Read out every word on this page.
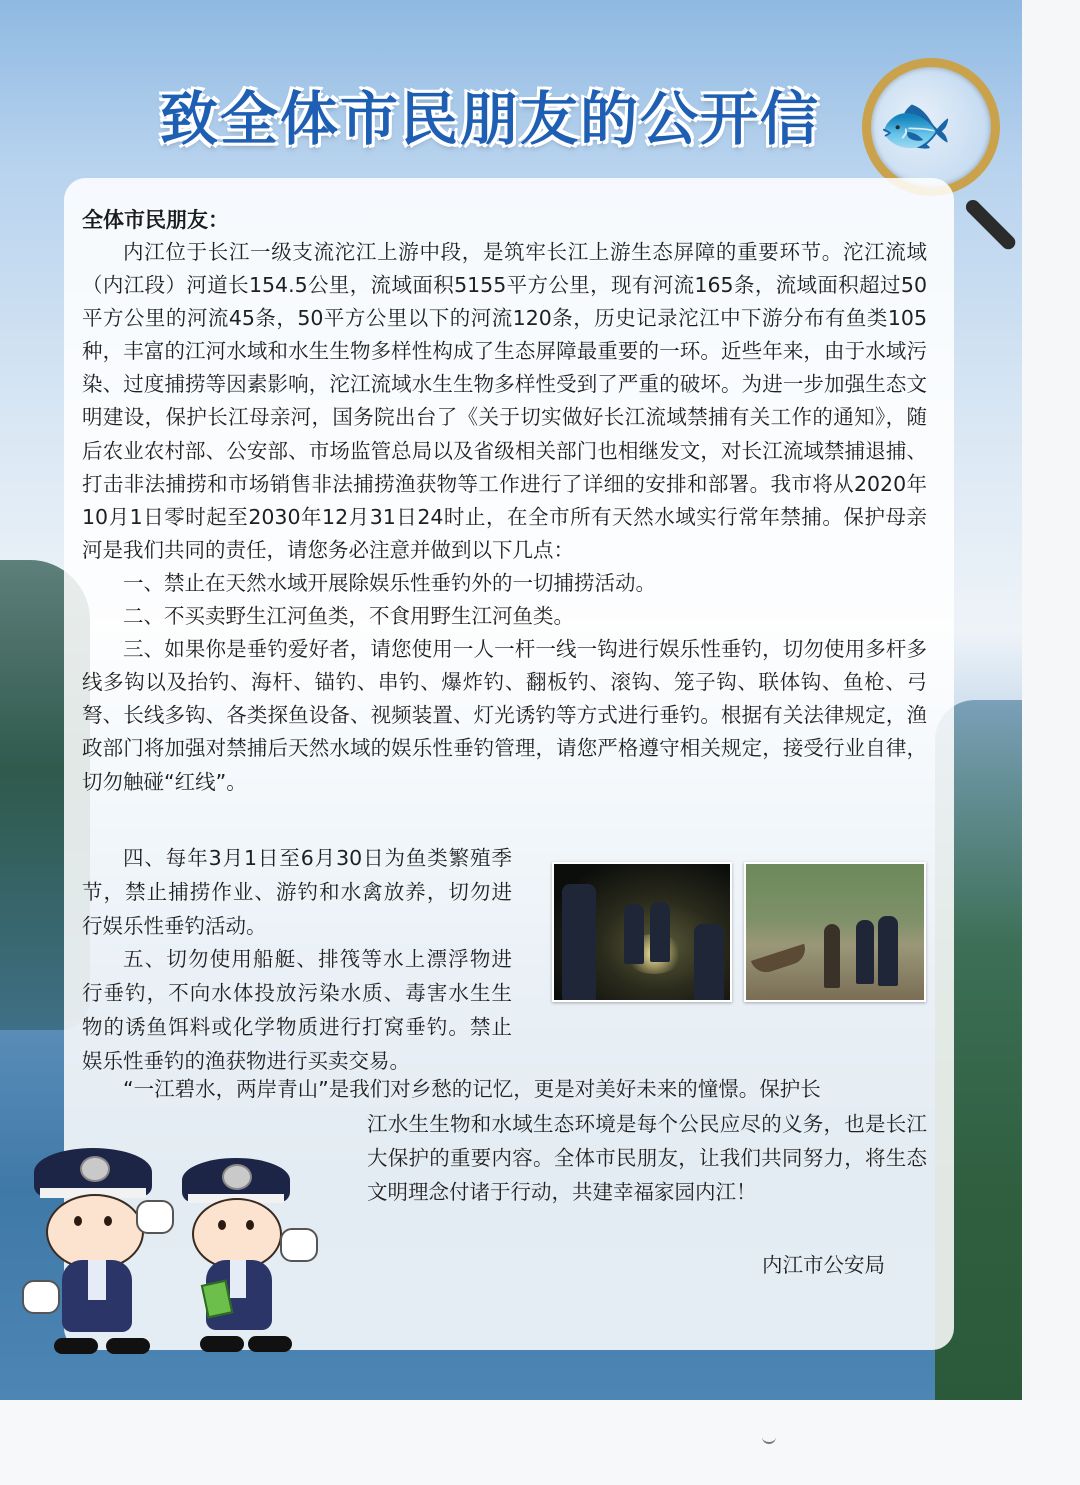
致全体市民朋友的公开信 🐟
全体市民朋友：

内江位于长江一级支流沱江上游中段，是筑牢长江上游生态屏障的重要环节。沱江流域（内江段）河道长154.5公里，流域面积5155平方公里，现有河流165条，流域面积超过50平方公里的河流45条，50平方公里以下的河流120条，历史记录沱江中下游分布有鱼类105种，丰富的江河水域和水生生物多样性构成了生态屏障最重要的一环。近些年来，由于水域污染、过度捕捞等因素影响，沱江流域水生生物多样性受到了严重的破坏。为进一步加强生态文明建设，保护长江母亲河，国务院出台了《关于切实做好长江流域禁捕有关工作的通知》，随后农业农村部、公安部、市场监管总局以及省级相关部门也相继发文，对长江流域禁捕退捕、打击非法捕捞和市场销售非法捕捞渔获物等工作进行了详细的安排和部署。我市将从2020年10月1日零时起至2030年12月31日24时止，在全市所有天然水域实行常年禁捕。保护母亲河是我们共同的责任，请您务必注意并做到以下几点：

一、禁止在天然水域开展除娱乐性垂钓外的一切捕捞活动。

二、不买卖野生江河鱼类，不食用野生江河鱼类。

三、如果你是垂钓爱好者，请您使用一人一杆一线一钩进行娱乐性垂钓，切勿使用多杆多线多钩以及抬钓、海杆、锚钓、串钓、爆炸钓、翻板钓、滚钩、笼子钩、联体钩、鱼枪、弓弩、长线多钩、各类探鱼设备、视频装置、灯光诱钓等方式进行垂钓。根据有关法律规定，渔政部门将加强对禁捕后天然水域的娱乐性垂钓管理，请您严格遵守相关规定，接受行业自律，切勿触碰“红线”。

四、每年3月1日至6月30日为鱼类繁殖季节，禁止捕捞作业、游钓和水禽放养，切勿进行娱乐性垂钓活动。

五、切勿使用船艇、排筏等水上漂浮物进行垂钓，不向水体投放污染水质、毒害水生生物的诱鱼饵料或化学物质进行打窝垂钓。禁止娱乐性垂钓的渔获物进行买卖交易。

“一江碧水，两岸青山”是我们对乡愁的记忆，更是对美好未来的憧憬。保护长
江水生生物和水域生态环境是每个公民应尽的义务，也是长江大保护的重要内容。全体市民朋友，让我们共同努力，将生态文明理念付诸于行动，共建幸福家园内江！
内江市公安局
